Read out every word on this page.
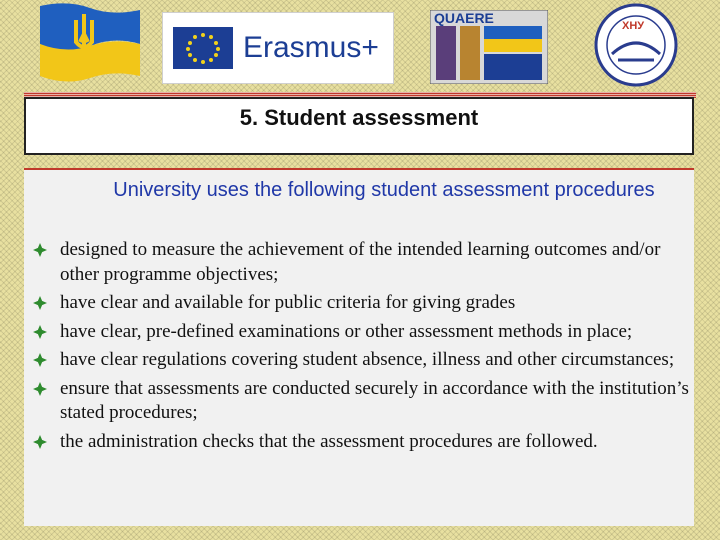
Erasmus+
QUAERE	ХНУ
5. Student assessment
University uses the following student assessment procedures
designed to measure the achievement of the intended learning outcomes and/or other programme objectives;
have clear and available for public criteria for giving grades
have clear, pre-defined examinations or other assessment methods in place;
have clear regulations covering student absence, illness and other circumstances;
ensure that assessments are conducted securely in accordance with the institution’s stated procedures;
the administration checks that the assessment procedures are followed.
